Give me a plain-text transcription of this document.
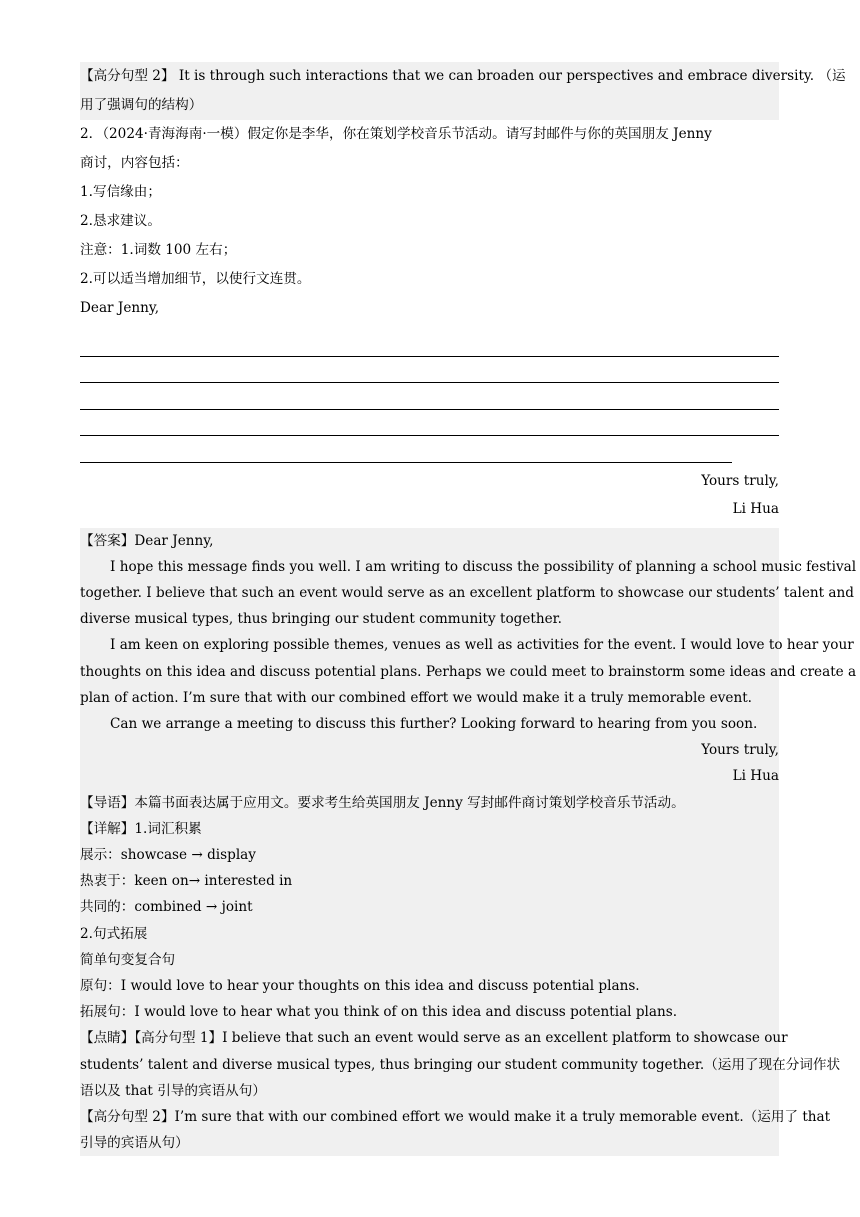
【高分句型 2】 It is through such interactions that we can broaden our perspectives and embrace diversity. （运
用了强调句的结构）
2．（2024·青海海南·一模）假定你是李华，你在策划学校音乐节活动。请写封邮件与你的英国朋友 Jenny
商讨，内容包括：
1.写信缘由；
2.恳求建议。
注意：1.词数 100 左右；
2.可以适当增加细节，以使行文连贯。
Dear Jenny,
Yours truly,
Li Hua
【答案】Dear Jenny,
I hope this message finds you well. I am writing to discuss the possibility of planning a school music festival
together. I believe that such an event would serve as an excellent platform to showcase our students’ talent and
diverse musical types, thus bringing our student community together.
I am keen on exploring possible themes, venues as well as activities for the event. I would love to hear your
thoughts on this idea and discuss potential plans. Perhaps we could meet to brainstorm some ideas and create a
plan of action. I’m sure that with our combined effort we would make it a truly memorable event.
Can we arrange a meeting to discuss this further? Looking forward to hearing from you soon.
Yours truly,
Li Hua
【导语】本篇书面表达属于应用文。要求考生给英国朋友 Jenny 写封邮件商讨策划学校音乐节活动。
【详解】1.词汇积累
展示：showcase → display
热衷于：keen on→ interested in
共同的：combined → joint
2.句式拓展
简单句变复合句
原句：I would love to hear your thoughts on this idea and discuss potential plans.
拓展句：I would love to hear what you think of on this idea and discuss potential plans.
【点睛】【高分句型 1】I believe that such an event would serve as an excellent platform to showcase our
students’ talent and diverse musical types, thus bringing our student community together.（运用了现在分词作状
语以及 that 引导的宾语从句）
【高分句型 2】I’m sure that with our combined effort we would make it a truly memorable event.（运用了 that
引导的宾语从句）
